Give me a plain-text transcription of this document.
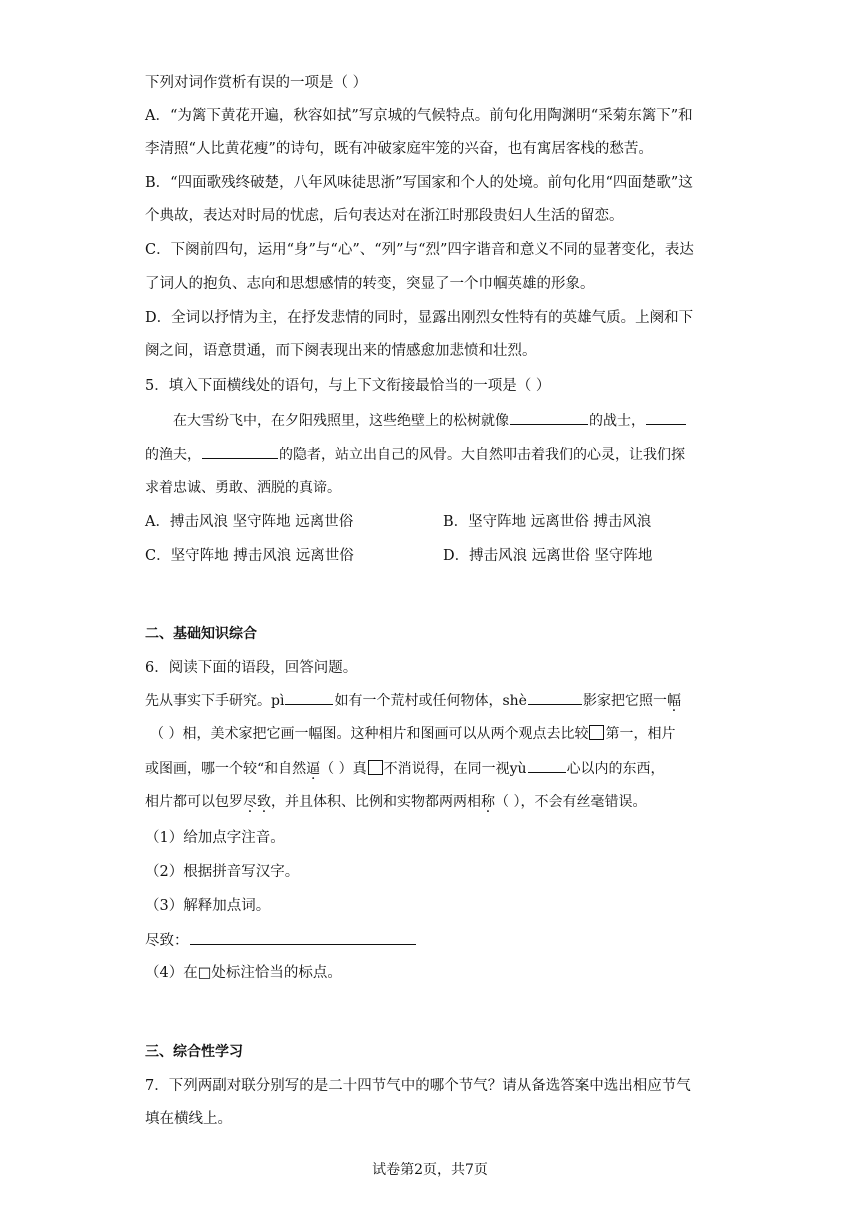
下列对词作赏析有误的一项是（ ）
A．“为篱下黄花开遍，秋容如拭”写京城的气候特点。前句化用陶渊明“采菊东篱下”和
李清照“人比黄花瘦”的诗句，既有冲破家庭牢笼的兴奋，也有寓居客栈的愁苦。
B．“四面歌残终破楚，八年风味徒思浙”写国家和个人的处境。前句化用“四面楚歌”这
个典故，表达对时局的忧虑，后句表达对在浙江时那段贵妇人生活的留恋。
C．下阕前四句，运用“身”与“心”、“列”与“烈”四字谐音和意义不同的显著变化，表达
了词人的抱负、志向和思想感情的转变，突显了一个巾帼英雄的形象。
D．全词以抒情为主，在抒发悲情的同时，显露出刚烈女性特有的英雄气质。上阕和下
阕之间，语意贯通，而下阕表现出来的情感愈加悲愤和壮烈。
5．填入下面横线处的语句，与上下文衔接最恰当的一项是（ ）
在大雪纷飞中，在夕阳残照里，这些绝壁上的松树就像	的战士，
的渔夫，	的隐者，站立出自己的风骨。大自然叩击着我们的心灵，让我们探
求着忠诚、勇敢、洒脱的真谛。
A．搏击风浪 坚守阵地 远离世俗	B．坚守阵地 远离世俗 搏击风浪
C．坚守阵地 搏击风浪 远离世俗	D．搏击风浪 远离世俗 坚守阵地
二、基础知识综合
6．阅读下面的语段，回答问题。
先从事实下手研究。pì	如有一个荒村或任何物体，shè	影家把它照一幅
（ ）相，美术家把它画一幅图。这种相片和图画可以从两个观点去比较 第一，相片
或图画，哪一个较“和自然逼（ ）真 不消说得，在同一视yù	心以内的东西，
相片都可以包罗尽致，并且体积、比例和实物都两两相称（ ），不会有丝毫错误。
（1）给加点字注音。
（2）根据拼音写汉字。
（3）解释加点词。
尽致：
（4）在□处标注恰当的标点。
三、综合性学习
7．下列两副对联分别写的是二十四节气中的哪个节气？请从备选答案中选出相应节气
填在横线上。
试卷第2页，共7页
